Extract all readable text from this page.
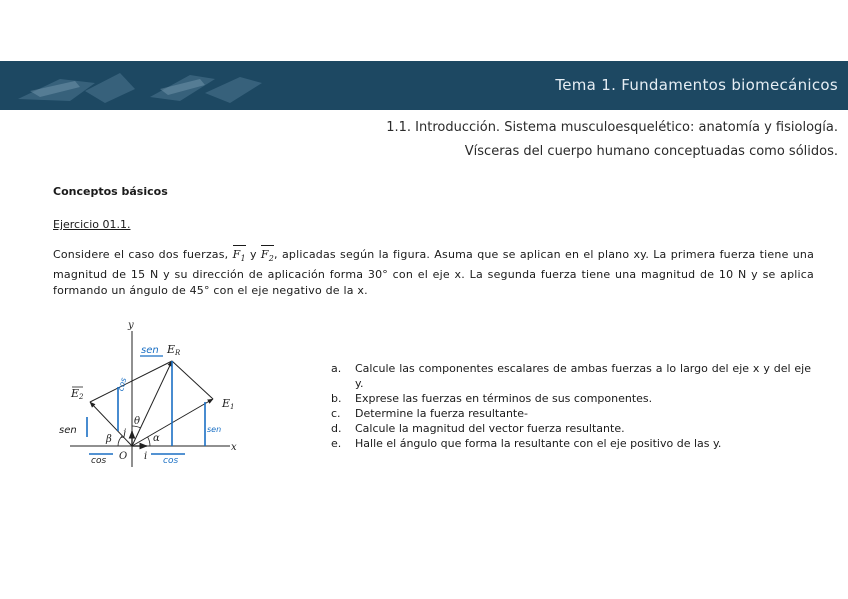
Tema 1. Fundamentos biomecánicos
1.1. Introducción. Sistema musculoesquelético: anatomía y fisiología.
Vísceras del cuerpo humano conceptuadas como sólidos.
Conceptos básicos
Ejercicio 01.1.
Considere el caso dos fuerzas, $F_1$ y $F_2$, aplicadas según la figura. Asuma que se aplican en el plano xy. La primera fuerza tiene una magnitud de 15 N y su dirección de aplicación forma 30° con el eje x. La segunda fuerza tiene una magnitud de 10 N y se aplica formando un ángulo de 45° con el eje negativo de la x.
y
x
O
ER
E1
E2
θ
α
β
i
j
sen
sen	sen
cos	cos
cos
a. Calcule las componentes escalares de ambas fuerzas a lo largo del eje x y del eje y.
b. Exprese las fuerzas en términos de sus componentes.
c. Determine la fuerza resultante-
d. Calcule la magnitud del vector fuerza resultante.
e. Halle el ángulo que forma la resultante con el eje positivo de las y.
